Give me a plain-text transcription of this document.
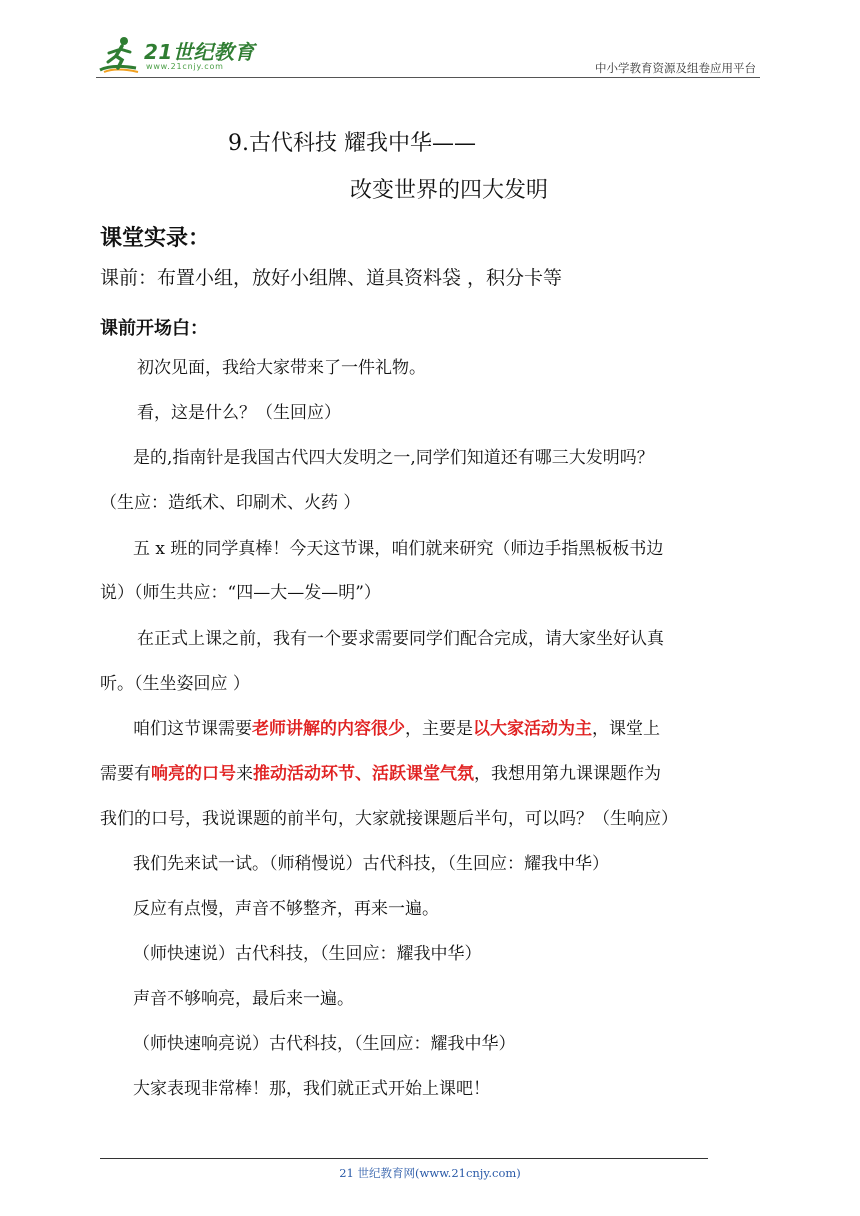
21世纪教育
www.21cnjy.com	中小学教育资源及组卷应用平台
9.古代科技 耀我中华——
改变世界的四大发明
课堂实录：
课前：布置小组，放好小组牌、道具资料袋 ，积分卡等
课前开场白：
初次见面，我给大家带来了一件礼物。
看，这是什么？（生回应）
是的,指南针是我国古代四大发明之一,同学们知道还有哪三大发明吗？
（生应：造纸术、印刷术、火药 ）
五 x 班的同学真棒！今天这节课，咱们就来研究（师边手指黑板板书边
说）（师生共应：“四—大—发—明”）
在正式上课之前，我有一个要求需要同学们配合完成，请大家坐好认真
听。（生坐姿回应 ）
咱们这节课需要老师讲解的内容很少，主要是以大家活动为主，课堂上
需要有响亮的口号来推动活动环节、活跃课堂气氛，我想用第九课课题作为
我们的口号，我说课题的前半句，大家就接课题后半句，可以吗？（生响应）
我们先来试一试。（师稍慢说）古代科技，（生回应：耀我中华）
反应有点慢，声音不够整齐，再来一遍。
（师快速说）古代科技，（生回应：耀我中华）
声音不够响亮，最后来一遍。
（师快速响亮说）古代科技，（生回应：耀我中华）
大家表现非常棒！那，我们就正式开始上课吧！
21 世纪教育网(www.21cnjy.com)
